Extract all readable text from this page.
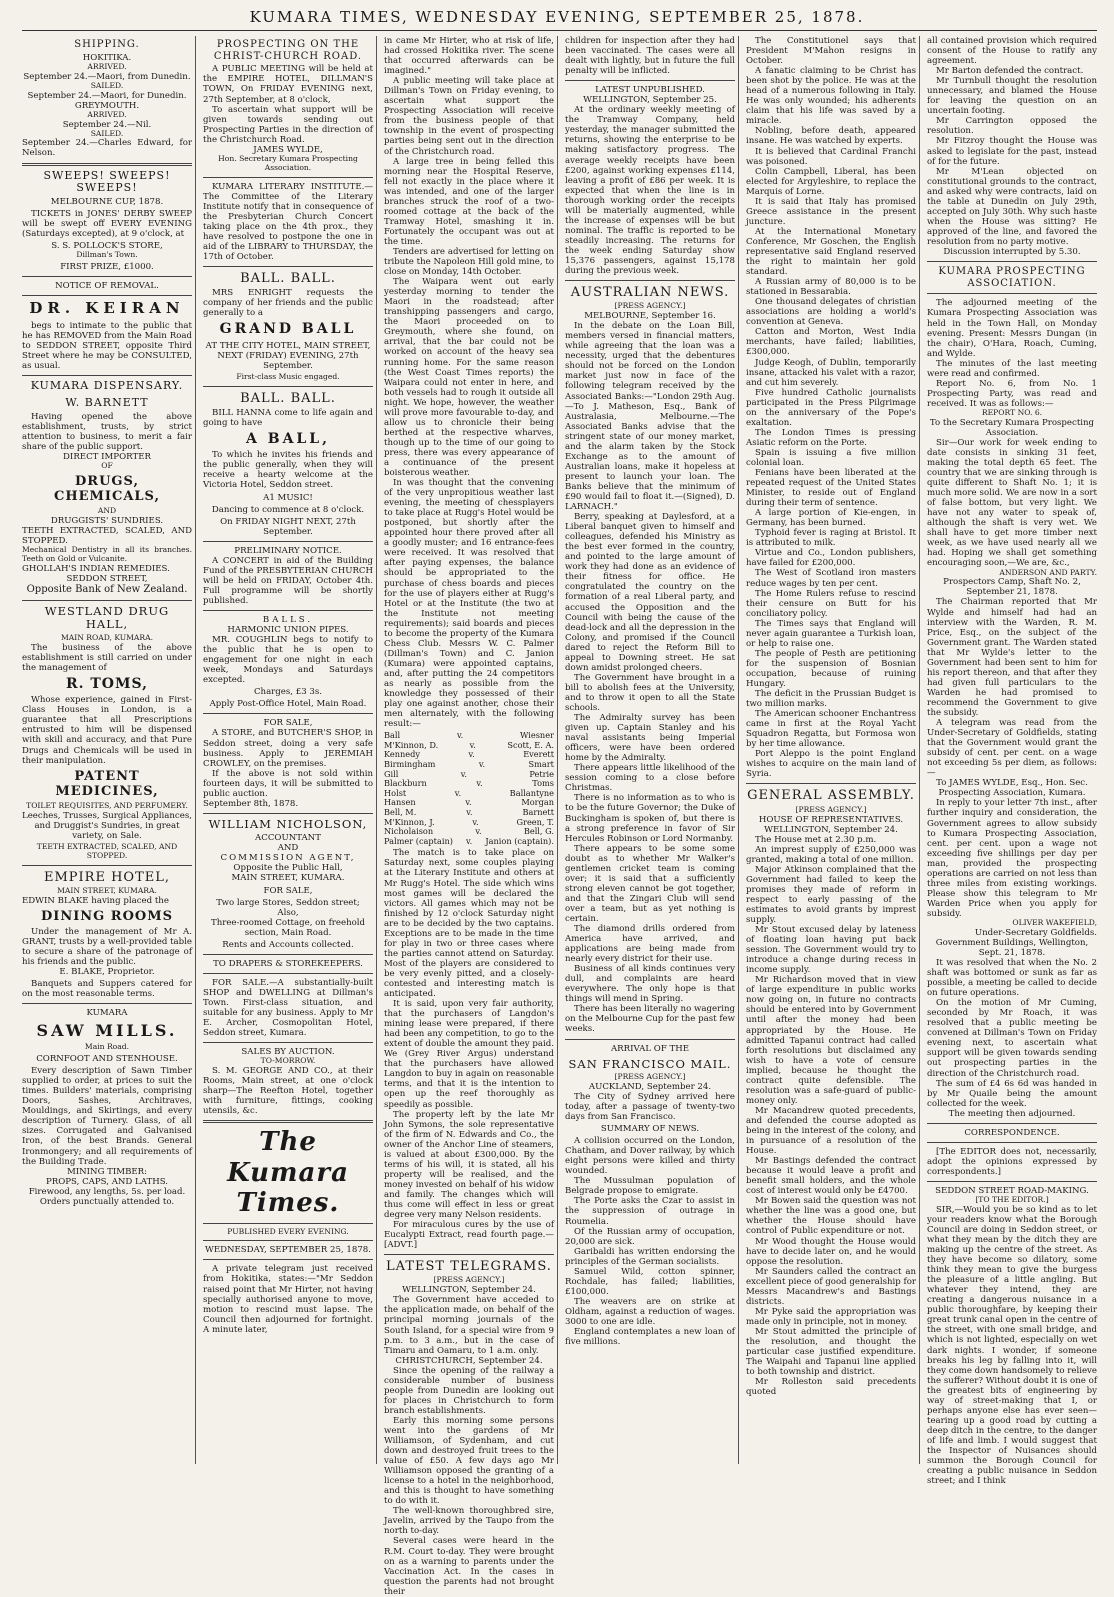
KUMARA TIMES, WEDNESDAY EVENING, SEPTEMBER 25, 1878.
SHIPPING.
HOKITIKA.
ARRIVED.
September 24.—Maori, from Dunedin.
SAILED.
September 24.—Maori, for Dunedin.
GREYMOUTH.
ARRIVED.
September 24.—Nil.
SAILED.
September 24.—Charles Edward, for Nelson.
SWEEPS! SWEEPS! SWEEPS!
MELBOURNE CUP, 1878.

TICKETS in JONES' DERBY SWEEP will be swept off EVERY EVENING (Saturdays excepted), at 9 o'clock, at

S. S. POLLOCK'S STORE,
Dillman's Town.
FIRST PRIZE, £1000.
NOTICE OF REMOVAL.
DR. KEIRAN

begs to intimate to the public that he has REMOVED from the Main Road to SEDDON STREET, opposite Third Street where he may be CONSULTED, as usual.

KUMARA DISPENSARY.
W. BARNETT

Having opened the above establishment, trusts, by strict attention to business, to merit a fair share of the public support.

DIRECT IMPORTER
OF
DRUGS, CHEMICALS,
AND
DRUGGISTS' SUNDRIES.
TEETH EXTRACTED, SCALED, AND STOPPED.
Mechanical Dentistry in all its branches. Teeth on Gold or Vulcanite.
GHOLLAH'S INDIAN REMEDIES.
SEDDON STREET,
Opposite Bank of New Zealand.
WESTLAND DRUG HALL,
MAIN ROAD, KUMARA.

The business of the above establishment is still carried on under the management of

R. TOMS,

Whose experience, gained in First-Class Houses in London, is a guarantee that all Prescriptions entrusted to him will be dispensed with skill and accuracy, and that Pure Drugs and Chemicals will be used in their manipulation.

PATENT MEDICINES,
TOILET REQUISITES, AND PERFUMERY.

Leeches, Trusses, Surgical Appliances, and Druggist's Sundries, in great variety, on Sale.

TEETH EXTRACTED, SCALED, AND STOPPED.
EMPIRE HOTEL,
MAIN STREET, KUMARA.
EDWIN BLAKE having placed the
DINING ROOMS

Under the management of Mr A. GRANT, trusts by a well-provided table to secure a share of the patronage of his friends and the public.

E. BLAKE, Proprietor.

Banquets and Suppers catered for on the most reasonable terms.

KUMARA
SAW MILLS.
Main Road.
CORNFOOT AND STENHOUSE.

Every description of Sawn Timber supplied to order, at prices to suit the times. Builders' materials, comprising Doors, Sashes, Architraves, Mouldings, and Skirtings, and every description of Turnery. Glass, of all sizes. Corrugated and Galvanised Iron, of the best Brands. General Ironmongery; and all requirements of the Building Trade.

MINING TIMBER:
PROPS, CAPS, AND LATHS.
Firewood, any lengths, 5s. per load.
Orders punctually attended to.
PROSPECTING ON THE CHRIST-CHURCH ROAD.

A PUBLIC MEETING will be held at the EMPIRE HOTEL, DILLMAN'S TOWN, On FRIDAY EVENING next, 27th September, at 8 o'clock,

To ascertain what support will be given towards sending out Prospecting Parties in the direction of the Christchurch Road.

JAMES WYLDE,
Hon. Secretary Kumara Prospecting Association.

KUMARA LITERARY INSTITUTE.—The Committee of the Literary Institute notify that in consequence of the Presbyterian Church Concert taking place on the 4th prox., they have resolved to postpone the one in aid of the LIBRARY to THURSDAY, the 17th of October.

BALL. BALL.

MRS ENRIGHT requests the company of her friends and the public generally to a

GRAND BALL
AT THE CITY HOTEL, MAIN STREET,
NEXT (FRIDAY) EVENING, 27th September.
First-class Music engaged.
BALL. BALL.

BILL HANNA come to life again and going to have

A BALL,

To which he invites his friends and the public generally, when they will receive a hearty welcome at the Victoria Hotel, Seddon street.

A1 MUSIC!
Dancing to commence at 8 o'clock.
On FRIDAY NIGHT NEXT, 27th September.
PRELIMINARY NOTICE.

A CONCERT in aid of the Building Fund of the PRESBYTERIAN CHURCH will be held on FRIDAY, October 4th. Full programme will be shortly published.

BALLS.
HARMONIC UNION PIPES.

MR. COUGHLIN begs to notify to the public that he is open to engagement for one night in each week, Mondays and Saturdays excepted.

Charges, £3 3s.
Apply Post-Office Hotel, Main Road.
FOR SALE,

A STORE, and BUTCHER'S SHOP, in Seddon street, doing a very safe business. Apply to JEREMIAH CROWLEY, on the premises.

If the above is not sold within fourteen days, it will be submitted to public auction.

September 8th, 1878.
WILLIAM NICHOLSON,
ACCOUNTANT
AND
COMMISSION AGENT,
Opposite the Public Hall,
MAIN STREET, KUMARA.
FOR SALE,
Two large Stores, Seddon street;
Also,
Three-roomed Cottage, on freehold section, Main Road.
Rents and Accounts collected.
TO DRAPERS & STOREKEEPERS.

FOR SALE.—A substantially-built SHOP and DWELLING at Dillman's Town. First-class situation, and suitable for any business. Apply to Mr E. Archer, Cosmopolitan Hotel, Seddon street, Kumara.

SALES BY AUCTION.
TO-MORROW.

S. M. GEORGE AND CO., at their Rooms, Main street, at one o'clock sharp—The Reefton Hotel, together with furniture, fittings, cooking utensils, &c.

The Kumara Times.
PUBLISHED EVERY EVENING.
WEDNESDAY, SEPTEMBER 25, 1878.

A private telegram just received from Hokitika, states:—"Mr Seddon raised point that Mr Hirter, not having specially authorised anyone to move, motion to rescind must lapse. The Council then adjourned for fortnight. A minute later,

in came Mr Hirter, who at risk of life, had crossed Hokitika river. The scene that occurred afterwards can be imagined."

A public meeting will take place at Dillman's Town on Friday evening, to ascertain what support the Prospecting Association will receive from the business people of that township in the event of prospecting parties being sent out in the direction of the Christchurch road.

A large tree in being felled this morning near the Hospital Reserve, fell not exactly in the place where it was intended, and one of the larger branches struck the roof of a two-roomed cottage at the back of the Tramway Hotel, smashing it in. Fortunately the occupant was out at the time.

Tenders are advertised for letting on tribute the Napoleon Hill gold mine, to close on Monday, 14th October.

The Waipara went out early yesterday morning to tender the Maori in the roadstead; after transhipping passengers and cargo, the Maori proceeded on to Greymouth, where she found, on arrival, that the bar could not be worked on account of the heavy sea running home. For the same reason (the West Coast Times reports) the Waipara could not enter in here, and both vessels had to rough it outside all night. We hope, however, the weather will prove more favourable to-day, and allow us to chronicle their being berthed at the respective wharves, though up to the time of our going to press, there was every appearance of a continuance of the present boisterous weather.

In was thought that the convening of the very unpropitious weather last evening, the meeting of chessplayers to take place at Rugg's Hotel would be postponed, but shortly after the appointed hour there proved after all a goodly muster; and 16 entrance-fees were received. It was resolved that after paying expenses, the balance should be appropriated to the purchase of chess boards and pieces for the use of players either at Rugg's Hotel or at the Institute (the two at the Institute not meeting requirements); said boards and pieces to become the property of the Kumara Chess Club. Messrs W. C. Palmer (Dillman's Town) and C. Janion (Kumara) were appointed captains, and, after putting the 24 competitors as nearly as possible from the knowledge they possessed of their play one against another, chose their men alternately, with the following result:—

Ball	v.	Wiesner
M'Kinnon, D.	v.	Scott, E. A.
Kennedy	v.	Everett
Birmingham	v.	Smart
Gill	v.	Petrie
Blackburn	v.	Toms
Holst	v.	Ballantyne
Hansen	v.	Morgan
Bell, M.	v.	Barnett
M'Kinnon, J.	v.	Green, T.
Nicholaison	v.	Bell, G.
Palmer (captain) v. Janion (captain).

The match is to take place on Saturday next, some couples playing at the Literary Institute and others at Mr Rugg's Hotel. The side which wins most games will be declared the victors. All games which may not be finished by 12 o'clock Saturday night are to be decided by the two captains. Exceptions are to be made in the time for play in two or three cases where the parties cannot attend on Saturday. Most of the players are considered to be very evenly pitted, and a closely-contested and interesting match is anticipated.

It is said, upon very fair authority, that the purchasers of Langdon's mining lease were prepared, if there had been any competition, to go to the extent of double the amount they paid. We (Grey River Argus) understand that the purchasers have allowed Langdon to buy in again on reasonable terms, and that it is the intention to open up the reef thoroughly as speedily as possible.

The property left by the late Mr John Symons, the sole representative of the firm of N. Edwards and Co., the owner of the Anchor Line of steamers, is valued at about £300,000. By the terms of his will, it is stated, all his property will be realised, and the money invested on behalf of his widow and family. The changes which will thus come will effect in less or great degree very many Nelson residents.

For miraculous cures by the use of Eucalypti Extract, read fourth page.—[ADVT.]

LATEST TELEGRAMS.
[PRESS AGENCY.]
WELLINGTON, September 24.

The Government have acceded to the application made, on behalf of the principal morning journals of the South Island, for a special wire from 9 p.m. to 3 a.m., but in the case of Timaru and Oamaru, to 1 a.m. only.

CHRISTCHURCH, September 24.

Since the opening of the railway a considerable number of business people from Dunedin are looking out for places in Christchurch to form branch establishments.

Early this morning some persons went into the gardens of Mr Williamson, of Sydenham, and cut down and destroyed fruit trees to the value of £50. A few days ago Mr Williamson opposed the granting of a license to a hotel in the neighborhood, and this is thought to have something to do with it.

The well-known thoroughbred sire, Javelin, arrived by the Taupo from the north to-day.

Several cases were heard in the R.M. Court to-day. They were brought on as a warning to parents under the Vaccination Act. In the cases in question the parents had not brought their

children for inspection after they had been vaccinated. The cases were all dealt with lightly, but in future the full penalty will be inflicted.

LATEST UNPUBLISHED.
WELLINGTON, September 25.

At the ordinary weekly meeting of the Tramway Company, held yesterday, the manager submitted the returns, showing the enterprise to be making satisfactory progress. The average weekly receipts have been £200, against working expenses £114, leaving a profit of £86 per week. It is expected that when the line is in thorough working order the receipts will be materially augmented, while the increase of expenses will be but nominal. The traffic is reported to be steadily increasing. The returns for the week ending Saturday show 15,376 passengers, against 15,178 during the previous week.

AUSTRALIAN NEWS.
[PRESS AGENCY.]
MELBOURNE, September 16.

In the debate on the Loan Bill, members versed in financial matters, while agreeing that the loan was a necessity, urged that the debentures should not be forced on the London market just now in face of the following telegram received by the Associated Banks:—"London 29th Aug.—To J. Matheson, Esq., Bank of Australasia, Melbourne.—The Associated Banks advise that the stringent state of our money market, and the alarm taken by the Stock Exchange as to the amount of Australian loans, make it hopeless at present to launch your loan. The Banks believe that the minimum of £90 would fail to float it.—(Signed), D. LARNACH."

Berry, speaking at Daylesford, at a Liberal banquet given to himself and colleagues, defended his Ministry as the best ever formed in the country, and pointed to the large amount of work they had done as an evidence of their fitness for office. He congratulated the country on the formation of a real Liberal party, and accused the Opposition and the Council with being the cause of the dead-lock and all the depression in the Colony, and promised if the Council dared to reject the Reform Bill to appeal to Downing street. He sat down amidst prolonged cheers.

The Government have brought in a bill to abolish fees at the University, and to throw it open to all the State schools.

The Admiralty survey has been given up. Captain Stanley and his naval assistants being Imperial officers, were have been ordered home by the Admiralty.

There appears little likelihood of the session coming to a close before Christmas.

There is no information as to who is to be the future Governor; the Duke of Buckingham is spoken of, but there is a strong preference in favor of Sir Hercules Robinson or Lord Normanby.

There appears to be some some doubt as to whether Mr Walker's gentlemen cricket team is coming over; it is said that a sufficiently strong eleven cannot be got together, and that the Zingari Club will send over a team, but as yet nothing is certain.

The diamond drills ordered from America have arrived, and applications are being made from nearly every district for their use.

Business of all kinds continues very dull, and complaints are heard everywhere. The only hope is that things will mend in Spring.

There has been literally no wagering on the Melbourne Cup for the past few weeks.

ARRIVAL OF THE
SAN FRANCISCO MAIL.
[PRESS AGENCY.]
AUCKLAND, September 24.

The City of Sydney arrived here today, after a passage of twenty-two days from San Francisco.

SUMMARY OF NEWS.

A collision occurred on the London, Chatham, and Dover railway, by which eight persons were killed and thirty wounded.

The Mussulman population of Belgrade propose to emigrate.

The Porte asks the Czar to assist in the suppression of outrage in Roumelia.

Of the Russian army of occupation, 20,000 are sick.

Garibaldi has written endorsing the principles of the German socialists.

Samuel Wild, cotton spinner, Rochdale, has failed; liabilities, £100,000.

The weavers are on strike at Oldham, against a reduction of wages. 3000 to one are idle.

England contemplates a new loan of five millions.

The Constitutionel says that President M'Mahon resigns in October.

A fanatic claiming to be Christ has been shot by the police. He was at the head of a numerous following in Italy. He was only wounded; his adherents claim that his life was saved by a miracle.

Nobling, before death, appeared insane. He was watched by experts.

It is believed that Cardinal Franchi was poisoned.

Colin Campbell, Liberal, has been elected for Argyleshire, to replace the Marquis of Lorne.

It is said that Italy has promised Greece assistance in the present juncture.

At the International Monetary Conference, Mr Goschen, the English representative said England reserved the right to maintain her gold standard.

A Russian army of 80,000 is to be stationed in Bessarabia.

One thousand delegates of christian associations are holding a world's convention at Geneva.

Catton and Morton, West India merchants, have failed; liabilities, £300,000.

Judge Keogh, of Dublin, temporarily insane, attacked his valet with a razor, and cut him severely.

Five hundred Catholic journalists participated in the Press Pilgrimage on the anniversary of the Pope's exaltation.

The London Times is pressing Asiatic reform on the Porte.

Spain is issuing a five million colonial loan.

Fenians have been liberated at the repeated request of the United States Minister, to reside out of England during their term of sentence.

A large portion of Kie-engen, in Germany, has been burned.

Typhoid fever is raging at Bristol. It is attributed to milk.

Virtue and Co., London publishers, have failed for £200,000.

The West of Scotland iron masters reduce wages by ten per cent.

The Home Rulers refuse to rescind their censure on Butt for his conciliatory policy.

The Times says that England will never again guarantee a Turkish loan, or help to raise one.

The people of Pesth are petitioning for the suspension of Bosnian occupation, because of ruining Hungary.

The deficit in the Prussian Budget is two million marks.

The American schooner Enchantress came in first at the Royal Yacht Squadron Regatta, but Formosa won by her time allowance.

Port Aleppo is the point England wishes to acquire on the main land of Syria.

GENERAL ASSEMBLY.
[PRESS AGENCY.]
HOUSE OF REPRESENTATIVES.
WELLINGTON, September 24.

The House met at 2.30 p.m.

An imprest supply of £250,000 was granted, making a total of one million.

Major Atkinson complained that the Government had failed to keep the promises they made of reform in respect to early passing of the estimates to avoid grants by imprest supply.

Mr Stout excused delay by lateness of floating loan having put back session. The Government would try to introduce a change during recess in income supply.

Mr Richardson moved that in view of large expenditure in public works now going on, in future no contracts should be entered into by Government until after the money had been appropriated by the House. He admitted Tapanui contract had called forth resolutions but disclaimed any wish to have a vote of censure implied, because he thought the contract quite defensible. The resolution was a safe-guard of public-money only.

Mr Macandrew quoted precedents, and defended the course adopted as being in the interest of the colony, and in pursuance of a resolution of the House.

Mr Bastings defended the contract because it would leave a profit and benefit small holders, and the whole cost of interest would only be £4700.

Mr Bowen said the question was not whether the line was a good one, but whether the House should have control of Public expenditure or not.

Mr Wood thought the House would have to decide later on, and he would oppose the resolution.

Mr Saunders called the contract an excellent piece of good generalship for Messrs Macandrew's and Bastings districts.

Mr Pyke said the appropriation was made only in principle, not in money.

Mr Stout admitted the principle of the resolution, and thought the particular case justified expenditure. The Waipahi and Tapanui line applied to both township and district.

Mr Rolleston said precedents quoted

all contained provision which required consent of the House to ratify any agreement.

Mr Barton defended the contract.

Mr Turnbull thought the resolution unnecessary, and blamed the House for leaving the question on an uncertain footing.

Mr Carrington opposed the resolution.

Mr Fitzroy thought the House was asked to legislate for the past, instead of for the future.

Mr M'Lean objected on constitutional grounds to the contract, and asked why were contracts, laid on the table at Dunedin on July 29th, accepted on July 30th. Why such haste when the House was sitting? He approved of the line, and favored the resolution from no party motive.

Discussion interrupted by 5.30.

KUMARA PROSPECTING ASSOCIATION.

The adjourned meeting of the Kumara Prospecting Association was held in the Town Hall, on Monday evening. Present: Messrs Dungan (in the chair), O'Hara, Roach, Cuming, and Wylde.

The minutes of the last meeting were read and confirmed.

Report No. 6, from No. 1 Prospecting Party, was read and received. It was as follows:—

REPORT NO. 6.
To the Secretary Kumara Prospecting Association.

Sir—Our work for week ending to date consists in sinking 31 feet, making the total depth 65 feet. The country that we are sinking through is quite different to Shaft No. 1; it is much more solid. We are now in a sort of false bottom, but very light. We have not any water to speak of, although the shaft is very wet. We shall have to get more timber next week, as we have used nearly all we had. Hoping we shall get something encouraging soon,—We are, &c.,

ANDERSON AND PARTY.
Prospectors Camp, Shaft No. 2, September 21, 1878.

The Chairman reported that Mr Wylde and himself had had an interview with the Warden, R. M. Price, Esq., on the subject of the Government grant. The Warden stated that Mr Wylde's letter to the Government had been sent to him for his report thereon, and that after they had given full particulars to the Warden he had promised to recommend the Government to give the subsidy.

A telegram was read from the Under-Secretary of Goldfields, stating that the Government would grant the subsidy of cent. per cent. on a wage not exceeding 5s per diem, as follows:—

To JAMES WYLDE, Esq., Hon. Sec. Prospecting Association, Kumara.

In reply to your letter 7th inst., after further inquiry and consideration, the Government agrees to allow subsidy to Kumara Prospecting Association, cent. per cent. upon a wage not exceeding five shillings per day per man, provided the prospecting operations are carried on not less than three miles from existing workings. Please show this telegram to Mr Warden Price when you apply for subsidy.

OLIVER WAKEFIELD,
Under-Secretary Goldfields.
Government Buildings, Wellington, Sept. 21, 1878.

It was resolved that when the No. 2 shaft was bottomed or sunk as far as possible, a meeting be called to decide on future operations.

On the motion of Mr Cuming, seconded by Mr Roach, it was resolved that a public meeting be convened at Dillman's Town on Friday evening next, to ascertain what support will be given towards sending out prospecting parties in the direction of the Christchurch road.

The sum of £4 6s 6d was handed in by Mr Quaile being the amount collected for the week.

The meeting then adjourned.

CORRESPONDENCE.

[The EDITOR does not, necessarily, adopt the opinions expressed by correspondents.]

SEDDON STREET ROAD-MAKING.
[TO THE EDITOR.]

SIR,—Would you be so kind as to let your readers know what the Borough Council are doing in Seddon street, or what they mean by the ditch they are making up the centre of the street. As they have become so dilatory, some think they mean to give the burgess the pleasure of a little angling. But whatever they intend, they are creating a dangerous nuisance in a public thoroughfare, by keeping their great trunk canal open in the centre of the street, with one small bridge, and which is not lighted, especially on wet dark nights. I wonder, if someone breaks his leg by falling into it, will they come down handsomely to relieve the sufferer? Without doubt it is one of the greatest bits of engineering by way of street-making that I, or perhaps anyone else has ever seen—tearing up a good road by cutting a deep ditch in the centre, to the danger of life and limb. I would suggest that the Inspector of Nuisances should summon the Borough Council for creating a public nuisance in Seddon street; and I think
